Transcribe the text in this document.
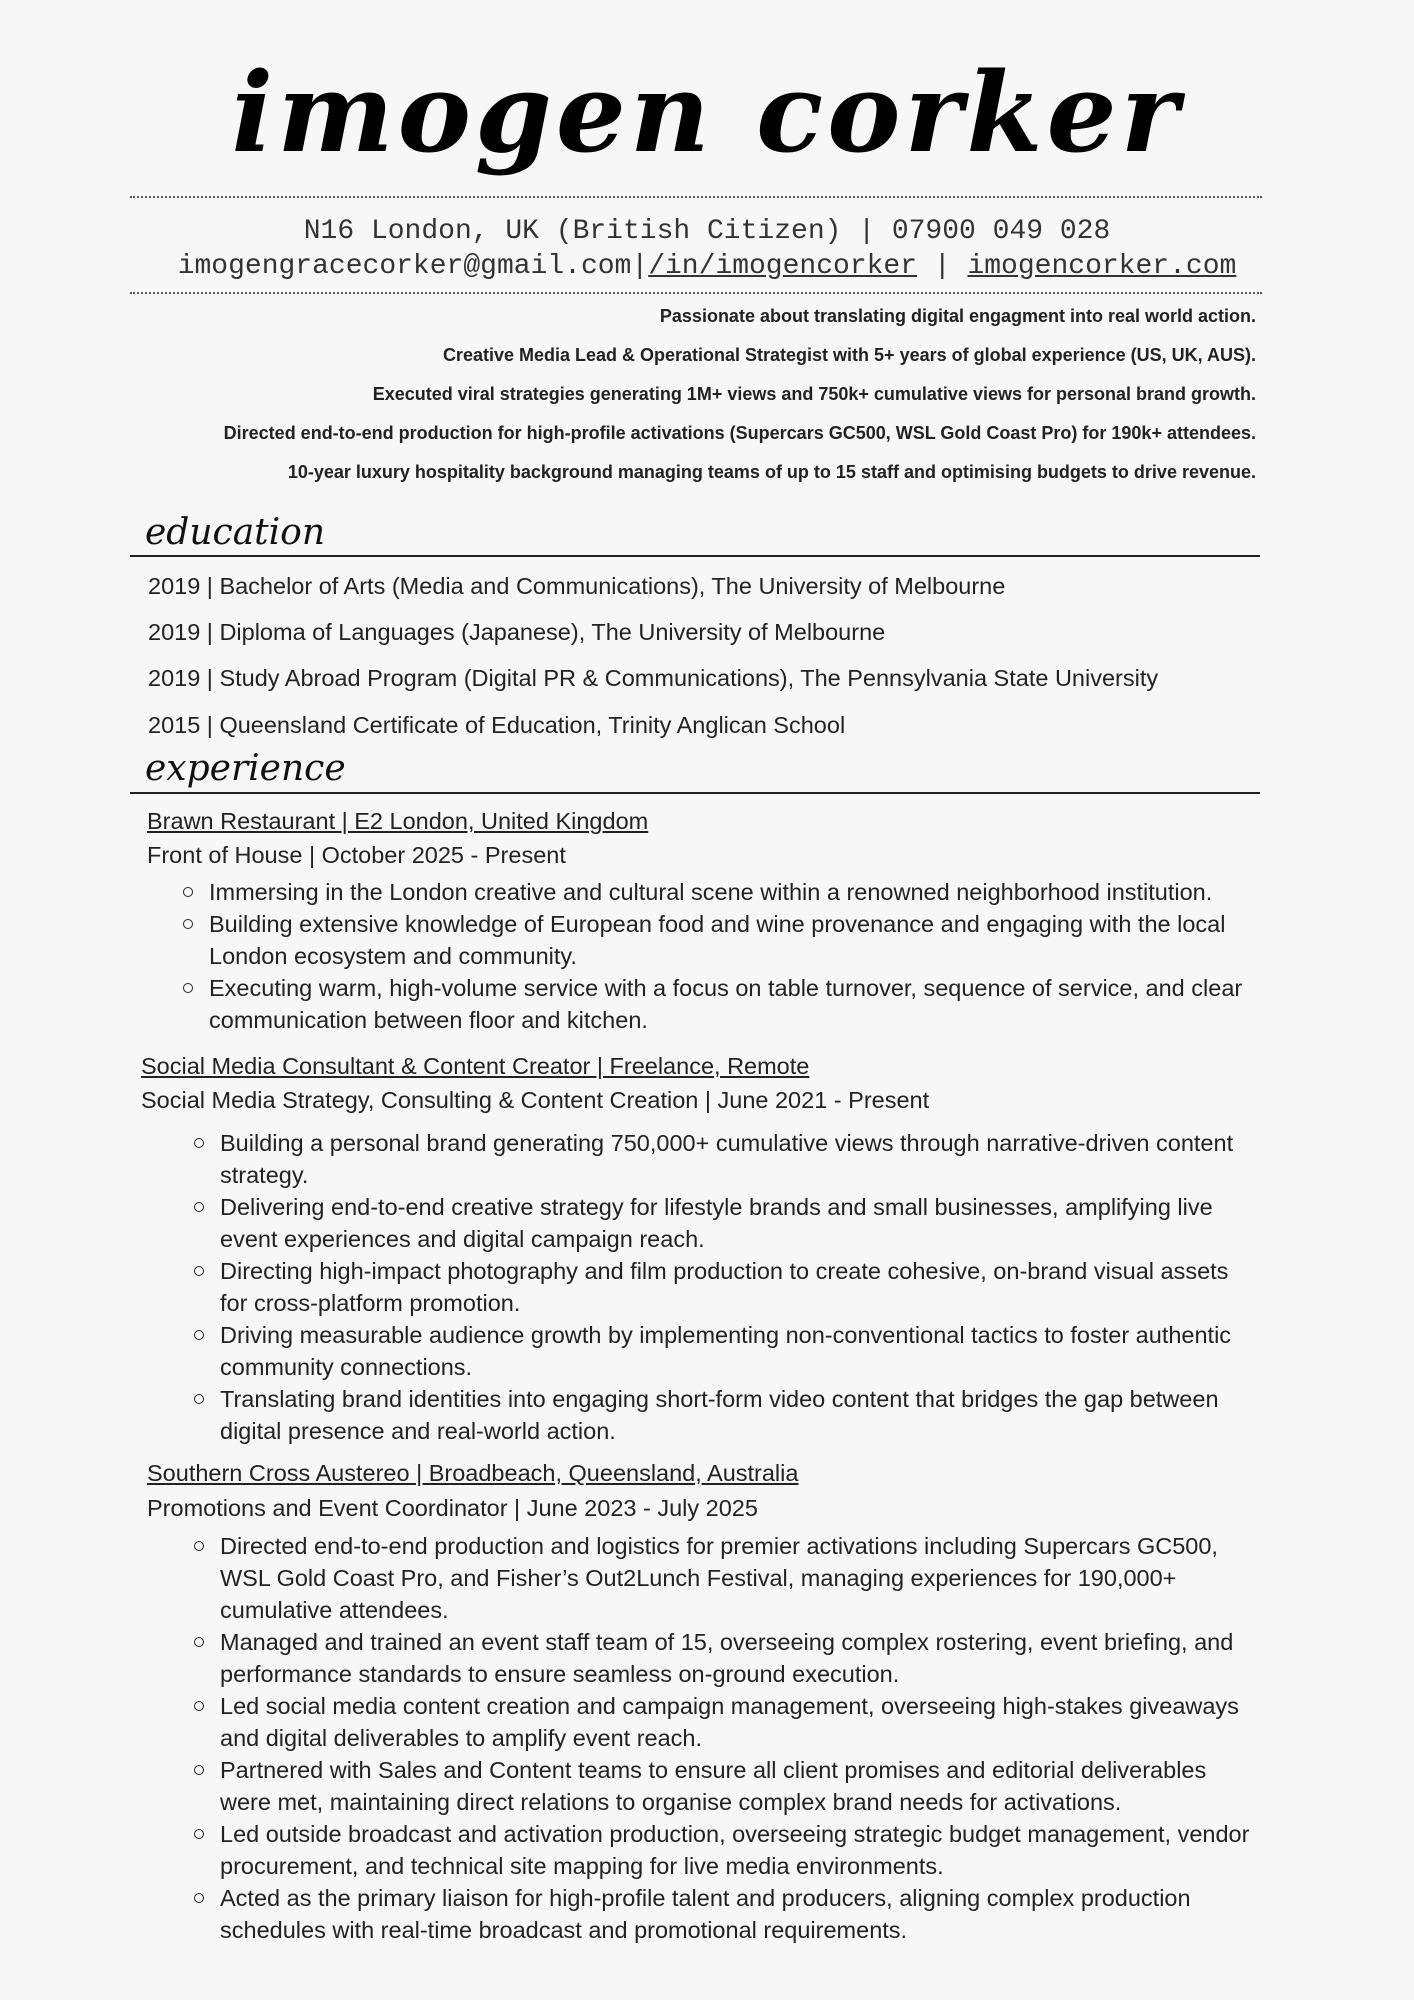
imogen corker
N16 London, UK (British Citizen) | 07900 049 028
imogengracecorker@gmail.com|/in/imogencorker | imogencorker.com
Passionate about translating digital engagment into real world action.
Creative Media Lead & Operational Strategist with 5+ years of global experience (US, UK, AUS).
Executed viral strategies generating 1M+ views and 750k+ cumulative views for personal brand growth.
Directed end-to-end production for high-profile activations (Supercars GC500, WSL Gold Coast Pro) for 190k+ attendees.
10-year luxury hospitality background managing teams of up to 15 staff and optimising budgets to drive revenue.
education
2019 | Bachelor of Arts (Media and Communications), The University of Melbourne
2019 | Diploma of Languages (Japanese), The University of Melbourne
2019 | Study Abroad Program (Digital PR & Communications), The Pennsylvania State University
2015 | Queensland Certificate of Education, Trinity Anglican School
experience
Brawn Restaurant | E2 London, United Kingdom
Front of House | October 2025 - Present
Immersing in the London creative and cultural scene within a renowned neighborhood institution.
Building extensive knowledge of European food and wine provenance and engaging with the local London ecosystem and community.
Executing warm, high-volume service with a focus on table turnover, sequence of service, and clear communication between floor and kitchen.
Social Media Consultant & Content Creator | Freelance, Remote
Social Media Strategy, Consulting & Content Creation | June 2021 - Present
Building a personal brand generating 750,000+ cumulative views through narrative-driven content strategy.
Delivering end-to-end creative strategy for lifestyle brands and small businesses, amplifying live event experiences and digital campaign reach.
Directing high-impact photography and film production to create cohesive, on-brand visual assets for cross-platform promotion.
Driving measurable audience growth by implementing non-conventional tactics to foster authentic community connections.
Translating brand identities into engaging short-form video content that bridges the gap between digital presence and real-world action.
Southern Cross Austereo | Broadbeach, Queensland, Australia
Promotions and Event Coordinator | June 2023 - July 2025
Directed end-to-end production and logistics for premier activations including Supercars GC500, WSL Gold Coast Pro, and Fisher’s Out2Lunch Festival, managing experiences for 190,000+ cumulative attendees.
Managed and trained an event staff team of 15, overseeing complex rostering, event briefing, and performance standards to ensure seamless on-ground execution.
Led social media content creation and campaign management, overseeing high-stakes giveaways and digital deliverables to amplify event reach.
Partnered with Sales and Content teams to ensure all client promises and editorial deliverables were met, maintaining direct relations to organise complex brand needs for activations.
Led outside broadcast and activation production, overseeing strategic budget management, vendor procurement, and technical site mapping for live media environments.
Acted as the primary liaison for high-profile talent and producers, aligning complex production schedules with real-time broadcast and promotional requirements.
